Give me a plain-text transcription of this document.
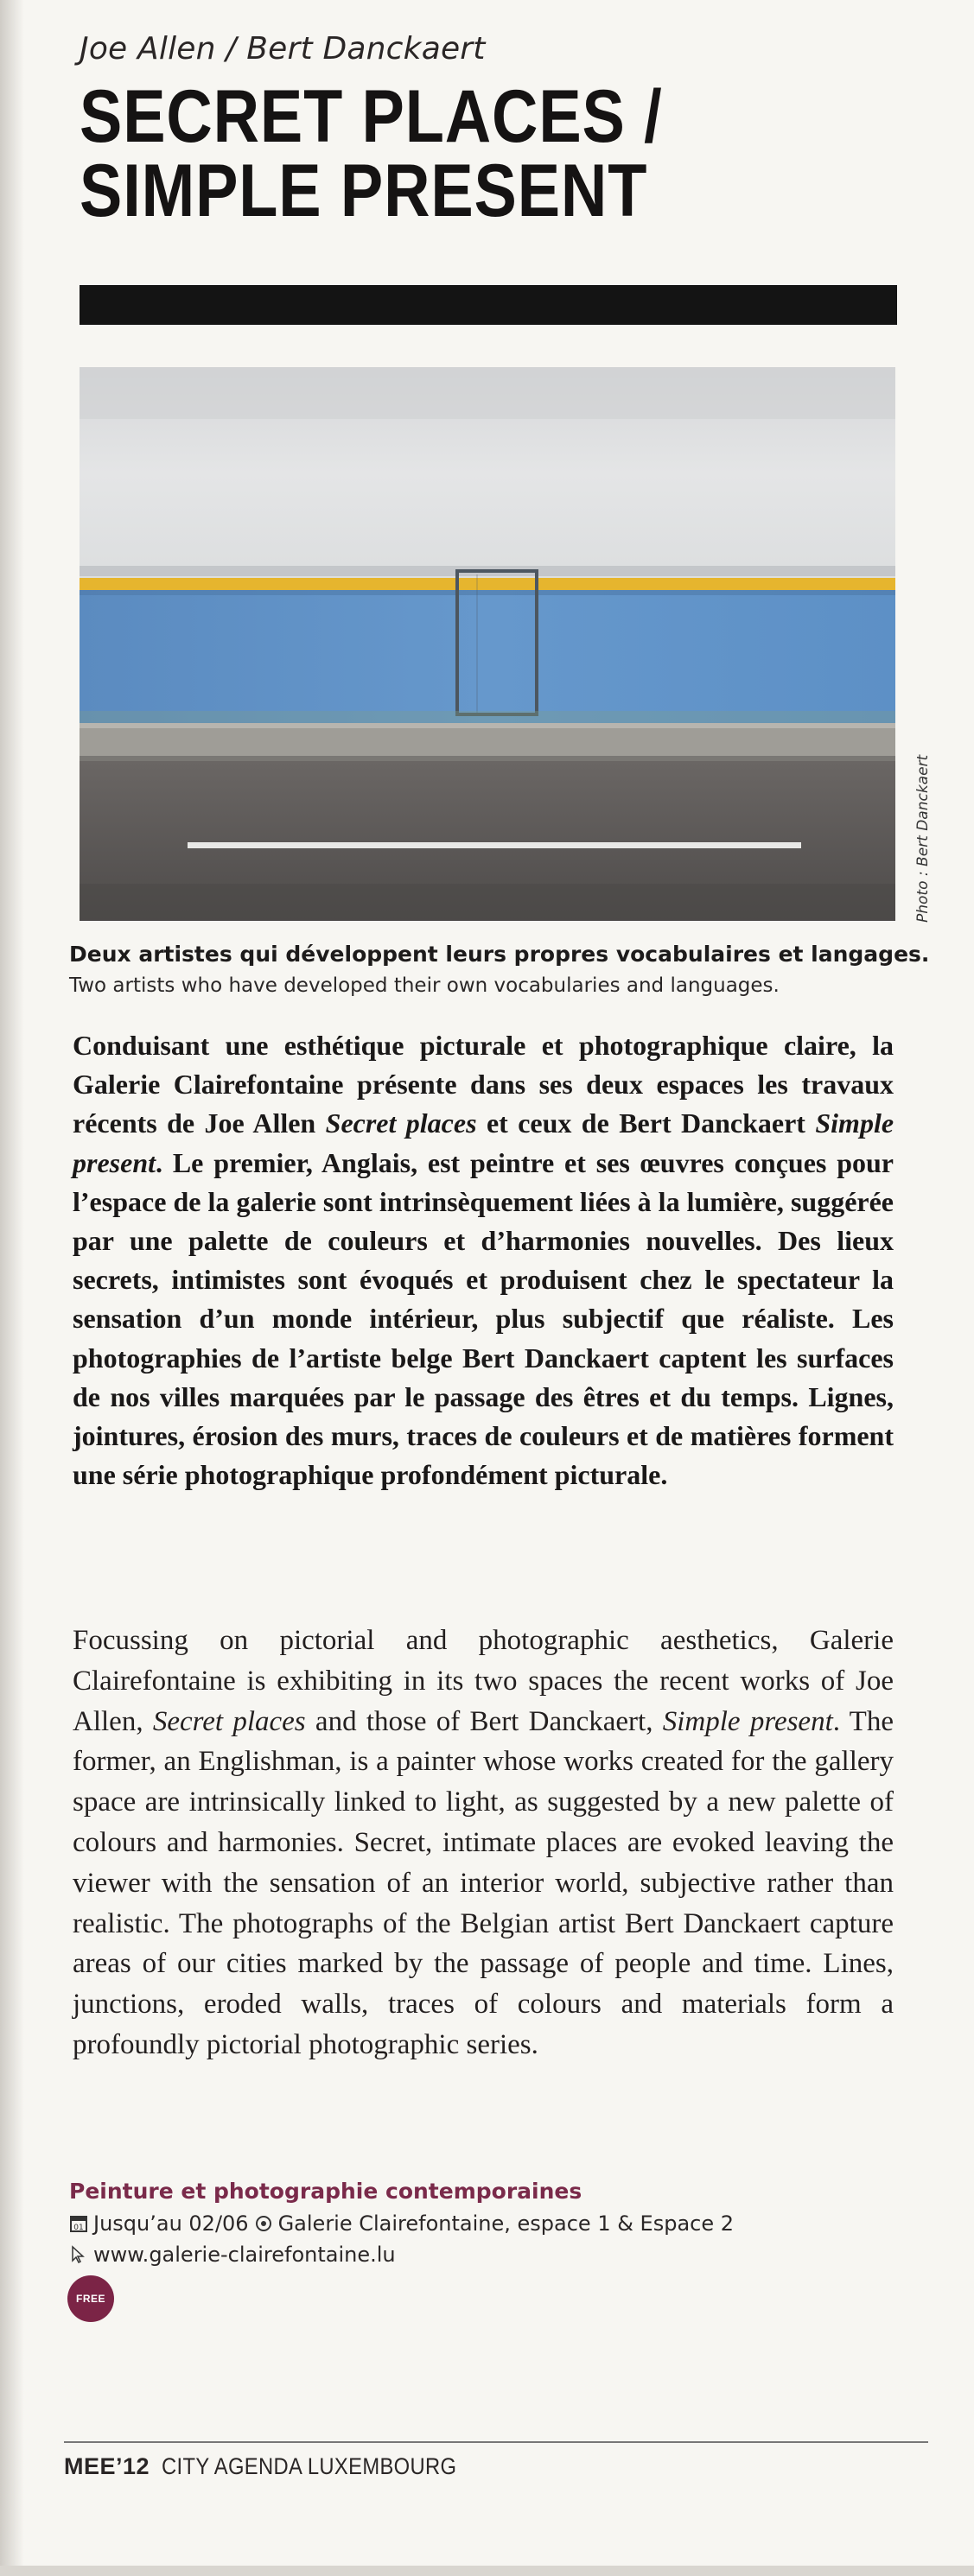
Joe Allen / Bert Danckaert
SECRET PLACES /
SIMPLE PRESENT
Photo : Bert Danckaert
Deux artistes qui développent leurs propres vocabulaires et langages.
Two artists who have developed their own vocabularies and languages.

Conduisant une esthétique picturale et photographique claire, la Galerie Clairefontaine présente dans ses deux espaces les travaux récents de Joe Allen Secret places et ceux de Bert Danckaert Simple present. Le premier, Anglais, est peintre et ses œuvres conçues pour l’espace de la galerie sont intrinsèquement liées à la lumière, suggérée par une palette de couleurs et d’harmonies nouvelles. Des lieux secrets, intimistes sont évoqués et produisent chez le spectateur la sensation d’un monde intérieur, plus subjectif que réaliste. Les photographies de l’artiste belge Bert Danckaert captent les surfaces de nos villes marquées par le passage des êtres et du temps. Lignes, jointures, érosion des murs, traces de couleurs et de matières forment une série photographique profondément picturale.

Focussing on pictorial and photographic aesthetics, Galerie Clairefontaine is exhibiting in its two spaces the recent works of Joe Allen, Secret places and those of Bert Danckaert, Simple present. The former, an Englishman, is a painter whose works created for the gallery space are intrinsically linked to light, as suggested by a new palette of colours and harmonies. Secret, intimate places are evoked leaving the viewer with the sensation of an interior world, subjective rather than realistic. The photographs of the Belgian artist Bert Danckaert capture areas of our cities marked by the passage of people and time. Lines, junctions, eroded walls, traces of colours and materials form a profoundly pictorial photographic series.

Peinture et photographie contemporaines
01 Jusqu’au 02/06 Galerie Clairefontaine, espace 1 & Espace 2
www.galerie-clairefontaine.lu
FREE
MEE’12 CITY AGENDA LUXEMBOURG
